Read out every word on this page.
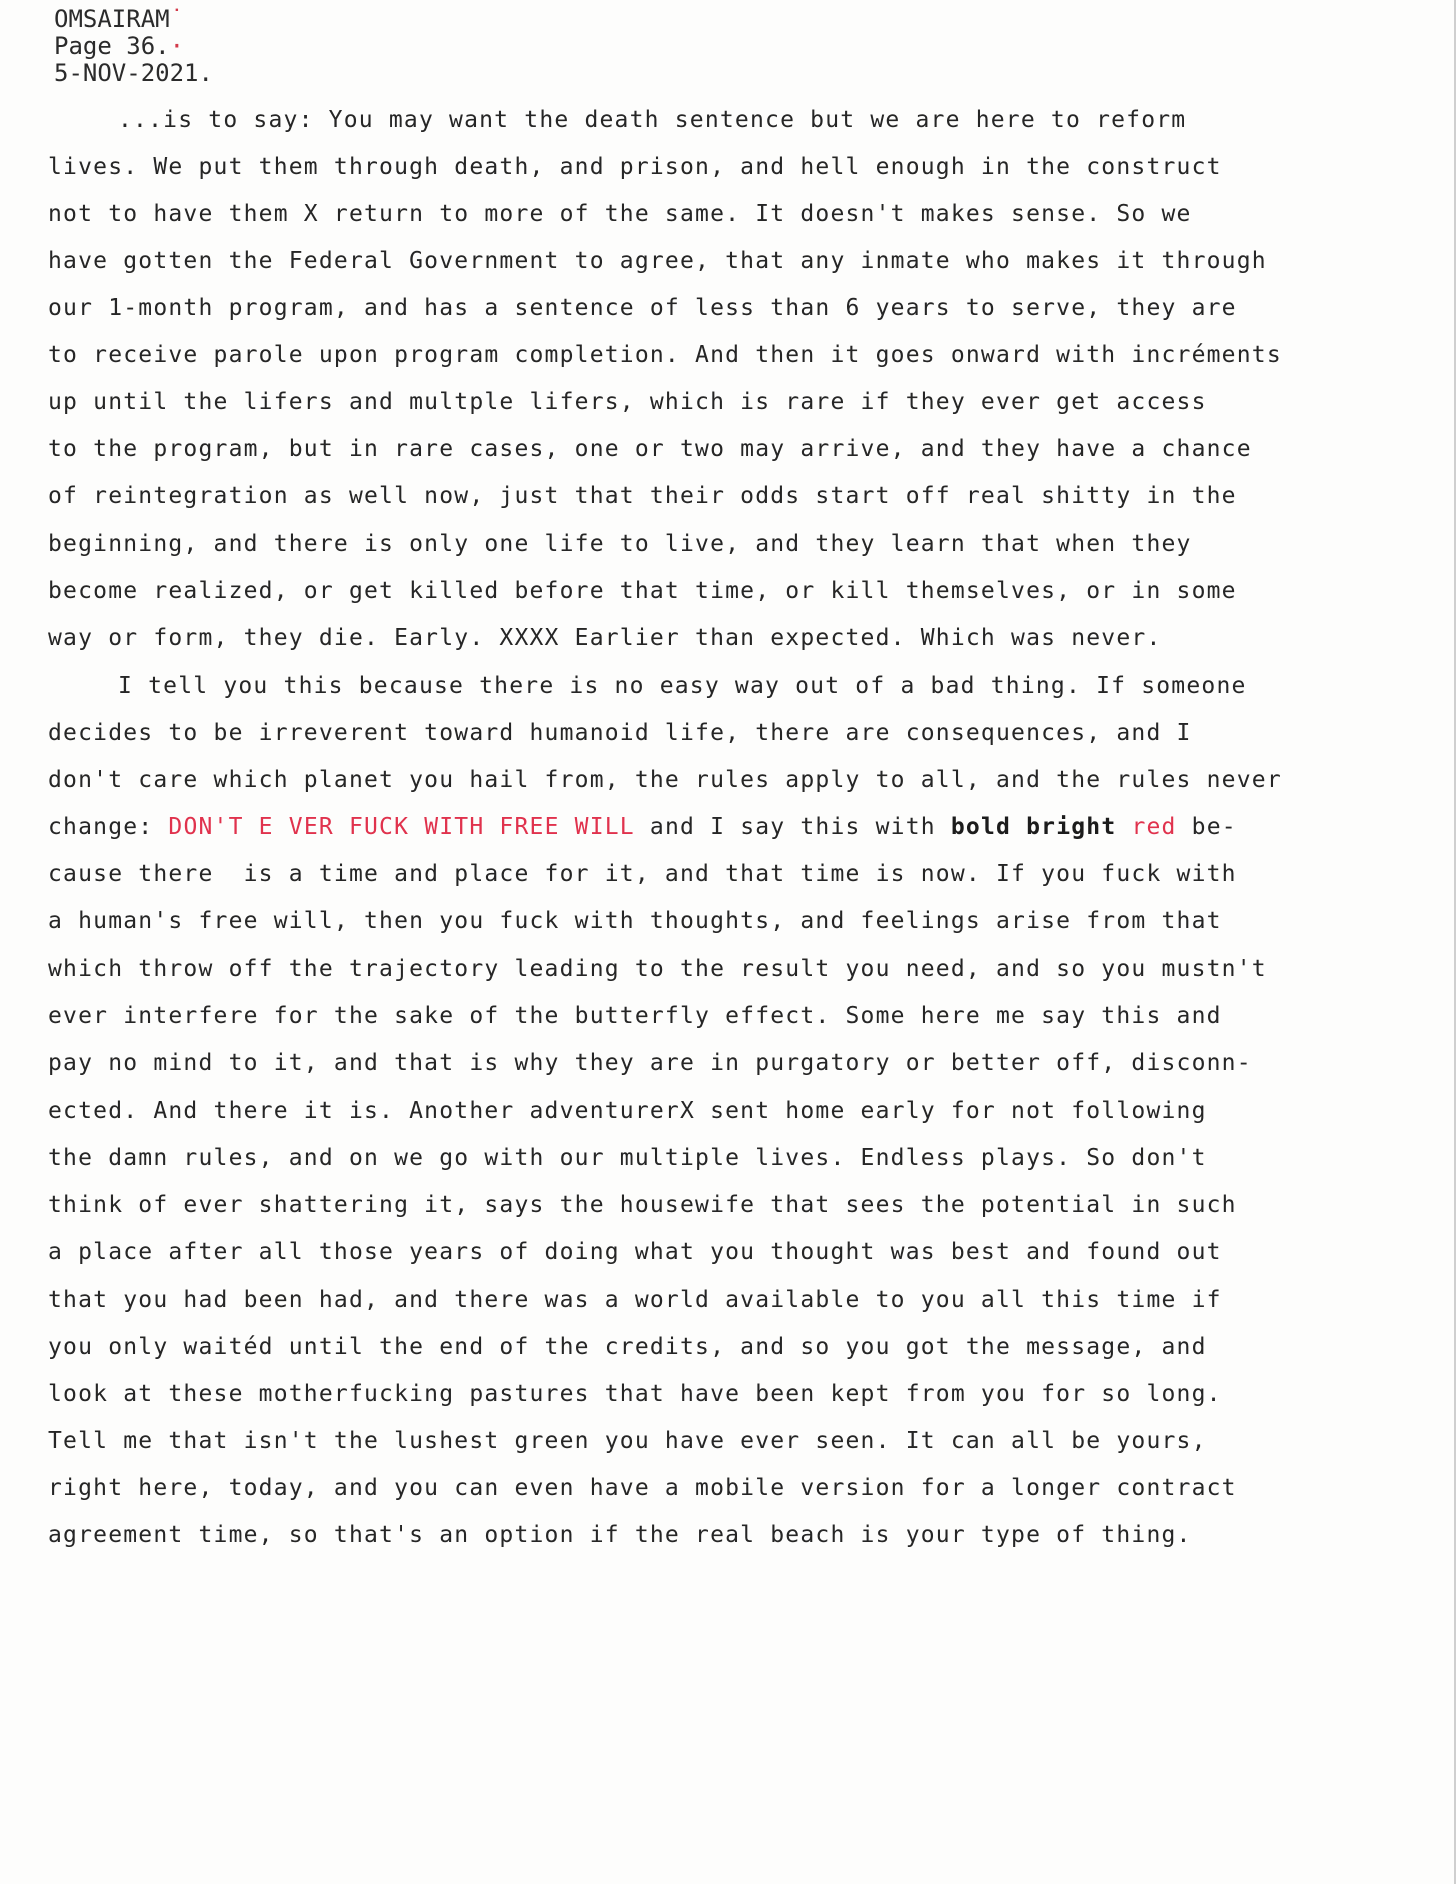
OMSAIRAM˙
Page 36.·
5-NOV-2021.
...is to say: You may want the death sentence but we are here to reform
lives. We put them through death, and prison, and hell enough in the construct
not to have them X return to more of the same. It doesn't makes sense. So we
have gotten the Federal Government to agree, that any inmate who makes it through
our 1-month program, and has a sentence of less than 6 years to serve, they are
to receive parole upon program completion. And then it goes onward with incréments
up until the lifers and multple lifers, which is rare if they ever get access
to the program, but in rare cases, one or two may arrive, and they have a chance
of reintegration as well now, just that their odds start off real shitty in the
beginning, and there is only one life to live, and they learn that when they
become realized, or get killed before that time, or kill themselves, or in some
way or form, they die. Early. XXXX Earlier than expected. Which was never.
I tell you this because there is no easy way out of a bad thing. If someone
decides to be irreverent toward humanoid life, there are consequences, and I
don't care which planet you hail from, the rules apply to all, and the rules never
change: DON'T E VER FUCK WITH FREE WILL and I say this with bold bright red be-
cause there  is a time and place for it, and that time is now. If you fuck with
a human's free will, then you fuck with thoughts, and feelings arise from that
which throw off the trajectory leading to the result you need, and so you mustn't
ever interfere for the sake of the butterfly effect. Some here me say this and
pay no mind to it, and that is why they are in purgatory or better off, disconn-
ected. And there it is. Another adventurerX sent home early for not following
the damn rules, and on we go with our multiple lives. Endless plays. So don't
think of ever shattering it, says the housewife that sees the potential in such
a place after all those years of doing what you thought was best and found out
that you had been had, and there was a world available to you all this time if
you only waitéd until the end of the credits, and so you got the message, and
look at these motherfucking pastures that have been kept from you for so long.
Tell me that isn't the lushest green you have ever seen. It can all be yours,
right here, today, and you can even have a mobile version for a longer contract
agreement time, so that's an option if the real beach is your type of thing.
